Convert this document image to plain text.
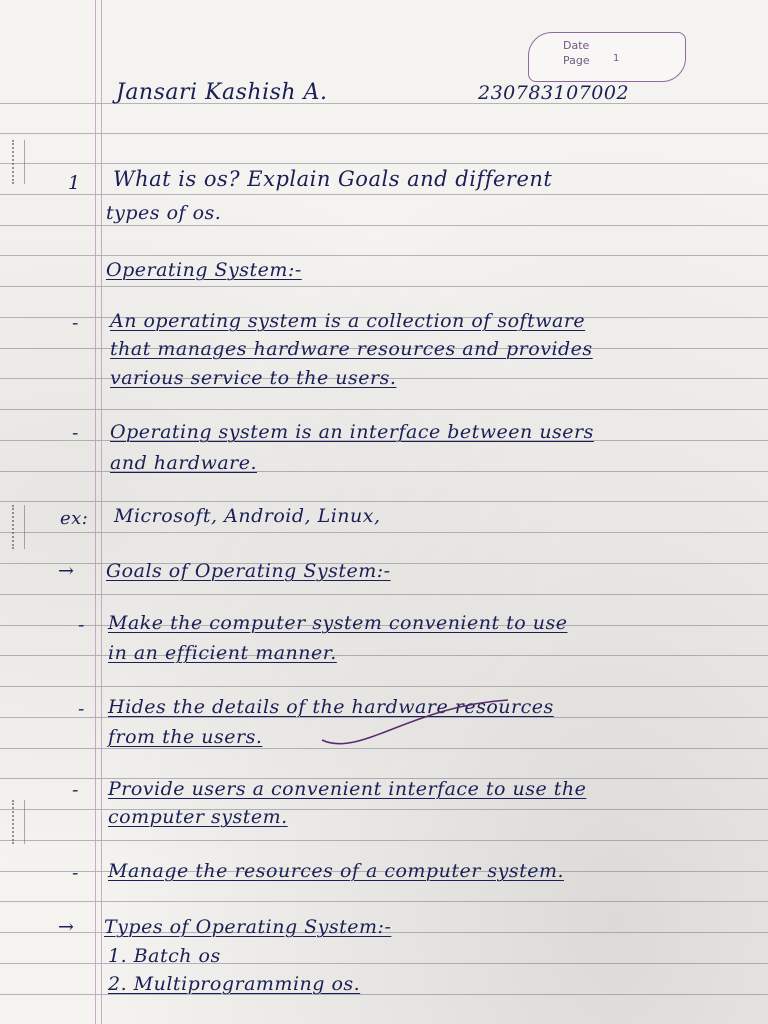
Date
Page 1
Jansari Kashish A.	230783107002
1 What is os? Explain Goals and different
types of os.
Operating System:-
- An operating system is a collection of software
that manages hardware resources and provides
various service to the users.
- Operating system is an interface between users
and hardware.
ex: Microsoft, Android, Linux,
→ Goals of Operating System:-
- Make the computer system convenient to use
in an efficient manner.
- Hides the details of the hardware resources
from the users.
- Provide users a convenient interface to use the
computer system.
- Manage the resources of a computer system.
→ Types of Operating System:-
1. Batch os
2. Multiprogramming os.
